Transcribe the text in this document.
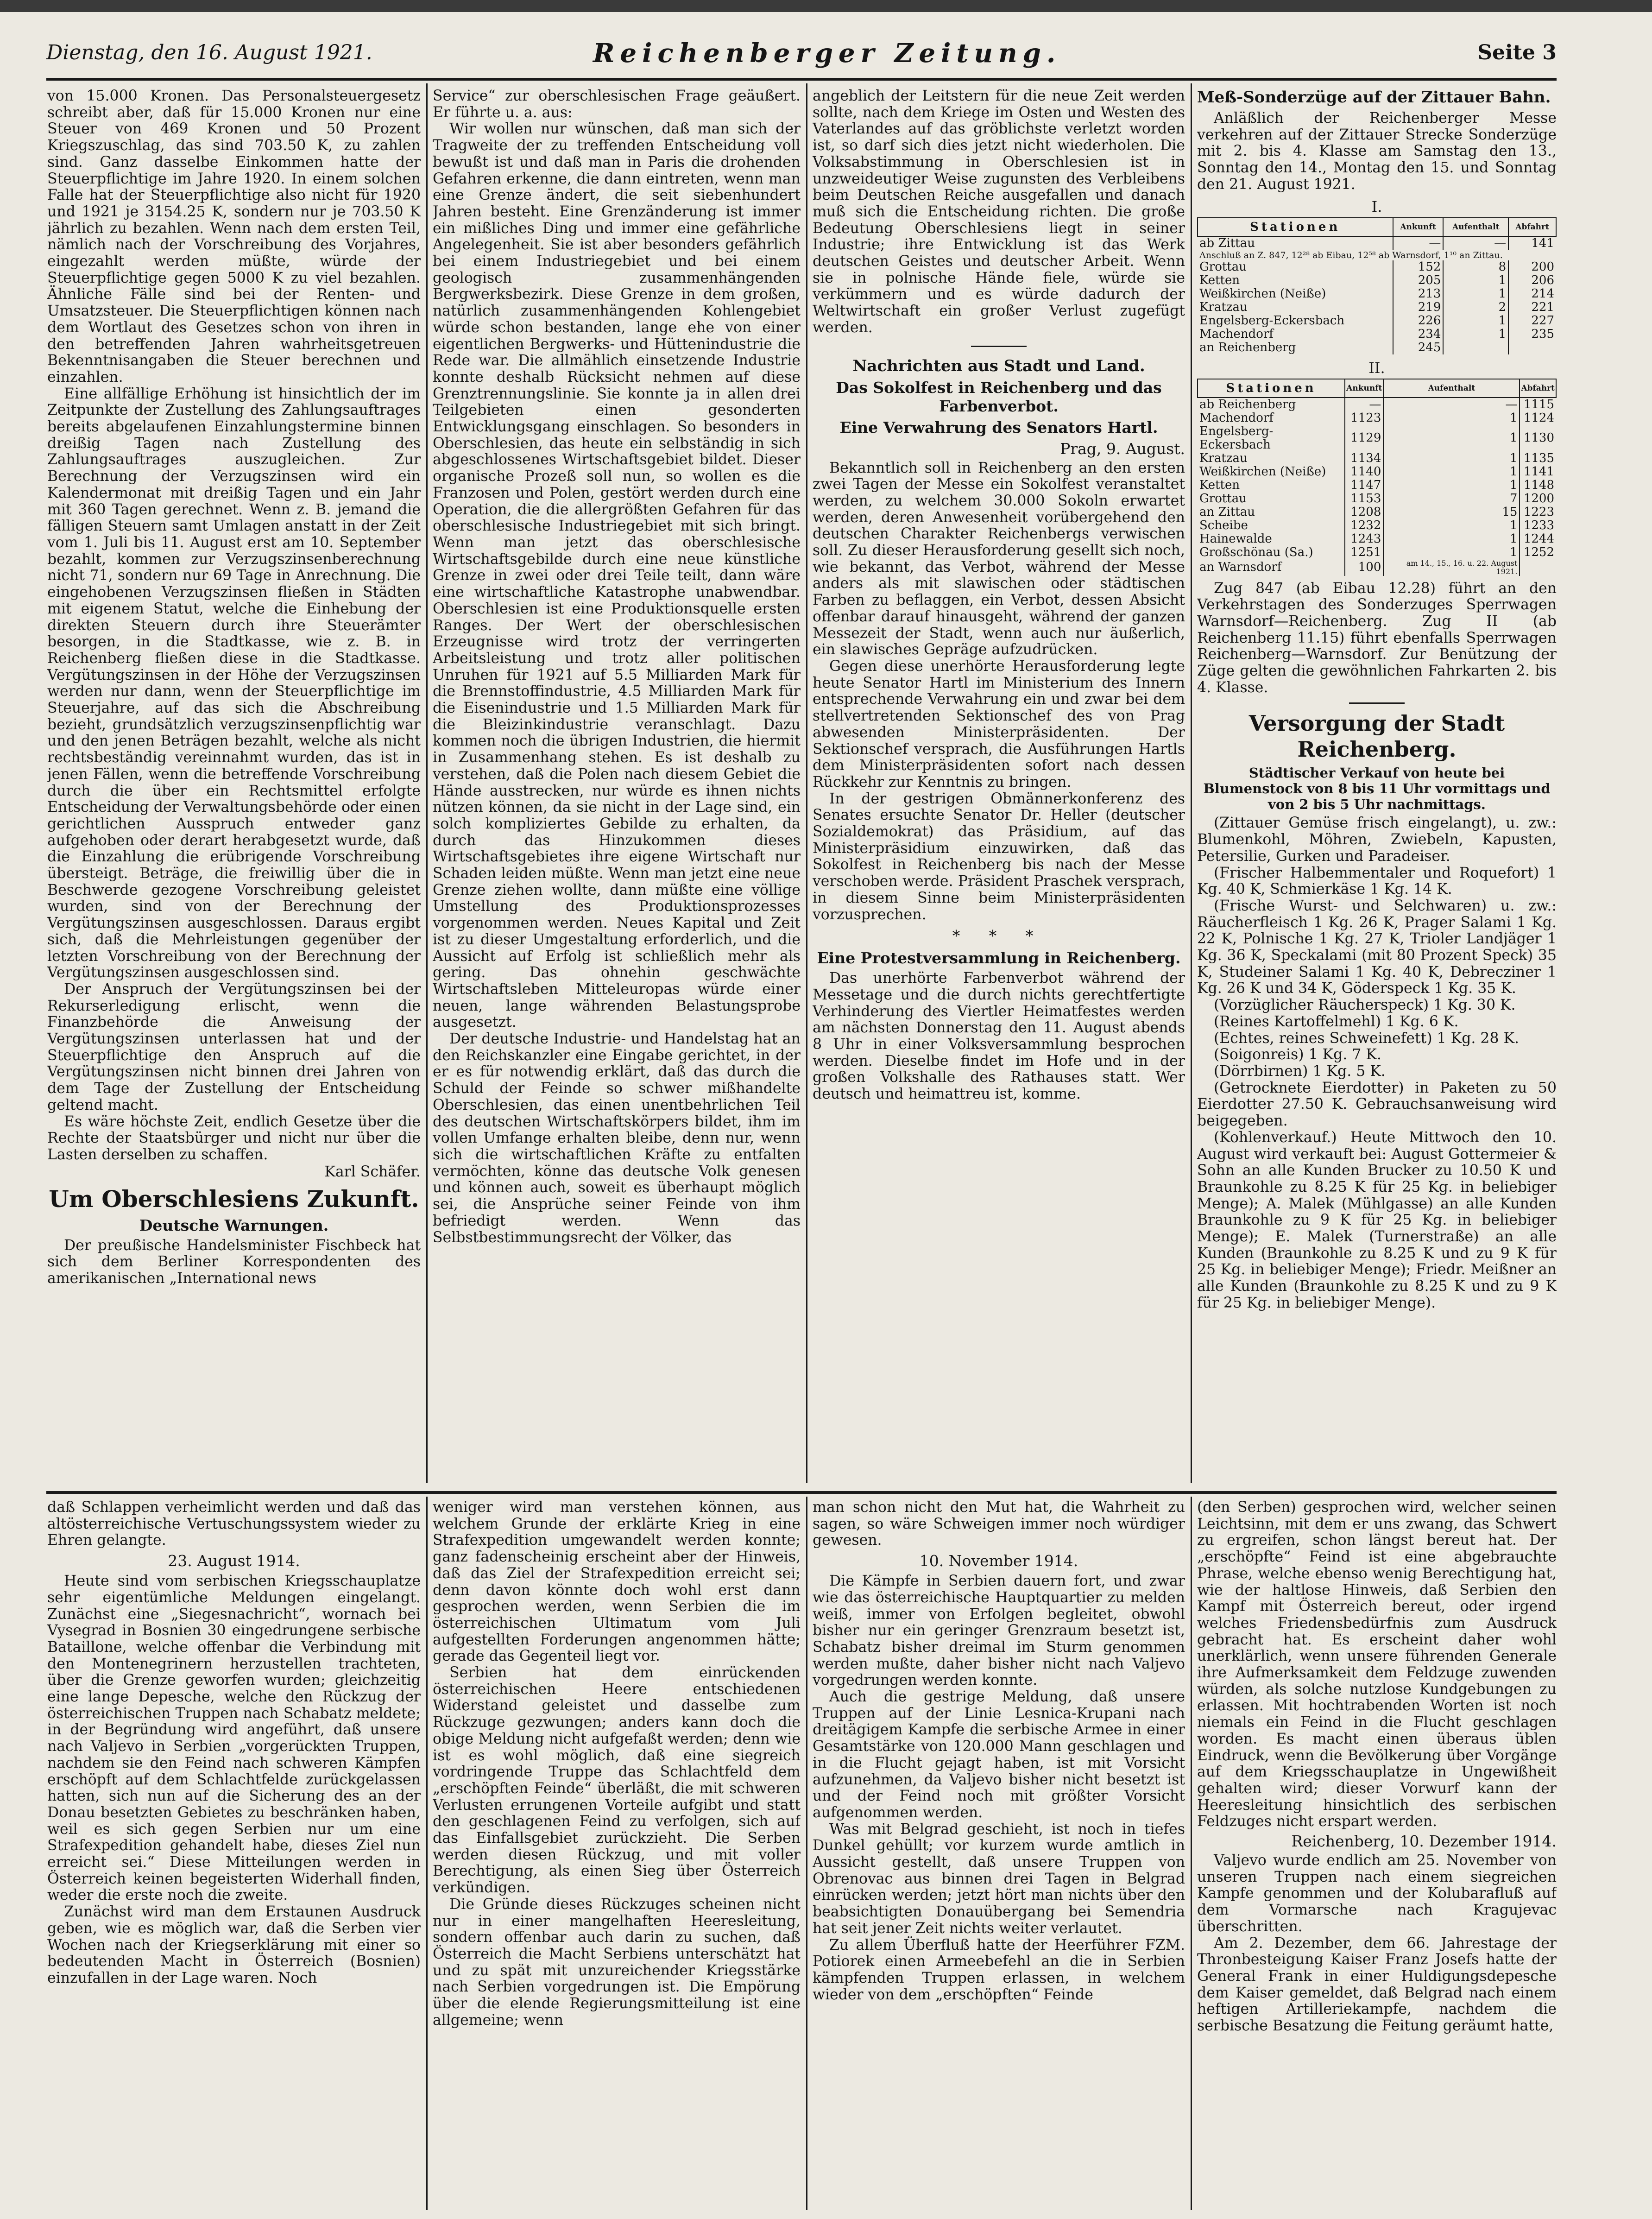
Dienstag, den 16. August 1921.	Reichenberger Zeitung.	Seite 3

von 15.000 Kronen. Das Personalsteuergesetz schreibt aber, daß für 15.000 Kronen nur eine Steuer von 469 Kronen und 50 Prozent Kriegszuschlag, das sind 703.50 K, zu zahlen sind. Ganz dasselbe Einkommen hatte der Steuerpflichtige im Jahre 1920. In einem solchen Falle hat der Steuerpflichtige also nicht für 1920 und 1921 je 3154.25 K, sondern nur je 703.50 K jährlich zu bezahlen. Wenn nach dem ersten Teil, nämlich nach der Vorschreibung des Vorjahres, eingezahlt werden müßte, würde der Steuerpflichtige gegen 5000 K zu viel bezahlen. Ähnliche Fälle sind bei der Renten- und Umsatzsteuer. Die Steuerpflichtigen können nach dem Wortlaut des Gesetzes schon von ihren in den betreffenden Jahren wahrheitsgetreuen Bekenntnisangaben die Steuer berechnen und einzahlen.

Eine allfällige Erhöhung ist hinsichtlich der im Zeitpunkte der Zustellung des Zahlungsauftrages bereits abgelaufenen Einzahlungstermine binnen dreißig Tagen nach Zustellung des Zahlungsauftrages auszugleichen. Zur Berechnung der Verzugszinsen wird ein Kalendermonat mit dreißig Tagen und ein Jahr mit 360 Tagen gerechnet. Wenn z. B. jemand die fälligen Steuern samt Umlagen anstatt in der Zeit vom 1. Juli bis 11. August erst am 10. September bezahlt, kommen zur Verzugszinsenberechnung nicht 71, sondern nur 69 Tage in Anrechnung. Die eingehobenen Verzugszinsen fließen in Städten mit eigenem Statut, welche die Einhebung der direkten Steuern durch ihre Steuerämter besorgen, in die Stadtkasse, wie z. B. in Reichenberg fließen diese in die Stadtkasse. Vergütungszinsen in der Höhe der Verzugszinsen werden nur dann, wenn der Steuerpflichtige im Steuerjahre, auf das sich die Abschreibung bezieht, grundsätzlich verzugszinsenpflichtig war und den jenen Beträgen bezahlt, welche als nicht rechtsbeständig vereinnahmt wurden, das ist in jenen Fällen, wenn die betreffende Vorschreibung durch die über ein Rechtsmittel erfolgte Entscheidung der Verwaltungsbehörde oder einen gerichtlichen Ausspruch entweder ganz aufgehoben oder derart herabgesetzt wurde, daß die Einzahlung die erübrigende Vorschreibung übersteigt. Beträge, die freiwillig über die in Beschwerde gezogene Vorschreibung geleistet wurden, sind von der Berechnung der Vergütungszinsen ausgeschlossen. Daraus ergibt sich, daß die Mehrleistungen gegenüber der letzten Vorschreibung von der Berechnung der Vergütungszinsen ausgeschlossen sind.

Der Anspruch der Vergütungszinsen bei der Rekurserledigung erlischt, wenn die Finanzbehörde die Anweisung der Vergütungszinsen unterlassen hat und der Steuerpflichtige den Anspruch auf die Vergütungszinsen nicht binnen drei Jahren von dem Tage der Zustellung der Entscheidung geltend macht.

Es wäre höchste Zeit, endlich Gesetze über die Rechte der Staatsbürger und nicht nur über die Lasten derselben zu schaffen.

Karl Schäfer.

Um Oberschlesiens Zukunft.
Deutsche Warnungen.

Der preußische Handelsminister Fischbeck hat sich dem Berliner Korrespondenten des amerikanischen „International news

Service“ zur oberschlesischen Frage geäußert. Er führte u. a. aus:

Wir wollen nur wünschen, daß man sich der Tragweite der zu treffenden Entscheidung voll bewußt ist und daß man in Paris die drohenden Gefahren erkenne, die dann eintreten, wenn man eine Grenze ändert, die seit siebenhundert Jahren besteht. Eine Grenzänderung ist immer ein mißliches Ding und immer eine gefährliche Angelegenheit. Sie ist aber besonders gefährlich bei einem Industriegebiet und bei einem geologisch zusammenhängenden Bergwerksbezirk. Diese Grenze in dem großen, natürlich zusammenhängenden Kohlengebiet würde schon bestanden, lange ehe von einer eigentlichen Bergwerks- und Hüttenindustrie die Rede war. Die allmählich einsetzende Industrie konnte deshalb Rücksicht nehmen auf diese Grenztrennungslinie. Sie konnte ja in allen drei Teilgebieten einen gesonderten Entwicklungsgang einschlagen. So besonders in Oberschlesien, das heute ein selbständig in sich abgeschlossenes Wirtschaftsgebiet bildet. Dieser organische Prozeß soll nun, so wollen es die Franzosen und Polen, gestört werden durch eine Operation, die die allergrößten Gefahren für das oberschlesische Industriegebiet mit sich bringt. Wenn man jetzt das oberschlesische Wirtschaftsgebilde durch eine neue künstliche Grenze in zwei oder drei Teile teilt, dann wäre eine wirtschaftliche Katastrophe unabwendbar. Oberschlesien ist eine Produktionsquelle ersten Ranges. Der Wert der oberschlesischen Erzeugnisse wird trotz der verringerten Arbeitsleistung und trotz aller politischen Unruhen für 1921 auf 5.5 Milliarden Mark für die Brennstoffindustrie, 4.5 Milliarden Mark für die Eisenindustrie und 1.5 Milliarden Mark für die Bleizinkindustrie veranschlagt. Dazu kommen noch die übrigen Industrien, die hiermit in Zusammenhang stehen. Es ist deshalb zu verstehen, daß die Polen nach diesem Gebiet die Hände ausstrecken, nur würde es ihnen nichts nützen können, da sie nicht in der Lage sind, ein solch kompliziertes Gebilde zu erhalten, da durch das Hinzukommen dieses Wirtschaftsgebietes ihre eigene Wirtschaft nur Schaden leiden müßte. Wenn man jetzt eine neue Grenze ziehen wollte, dann müßte eine völlige Umstellung des Produktionsprozesses vorgenommen werden. Neues Kapital und Zeit ist zu dieser Umgestaltung erforderlich, und die Aussicht auf Erfolg ist schließlich mehr als gering. Das ohnehin geschwächte Wirtschaftsleben Mitteleuropas würde einer neuen, lange währenden Belastungsprobe ausgesetzt.

Der deutsche Industrie- und Handelstag hat an den Reichskanzler eine Eingabe gerichtet, in der er es für notwendig erklärt, daß das durch die Schuld der Feinde so schwer mißhandelte Oberschlesien, das einen unentbehrlichen Teil des deutschen Wirtschaftskörpers bildet, ihm im vollen Umfange erhalten bleibe, denn nur, wenn sich die wirtschaftlichen Kräfte zu entfalten vermöchten, könne das deutsche Volk genesen und können auch, soweit es überhaupt möglich sei, die Ansprüche seiner Feinde von ihm befriedigt werden. Wenn das Selbstbestimmungsrecht der Völker, das

angeblich der Leitstern für die neue Zeit werden sollte, nach dem Kriege im Osten und Westen des Vaterlandes auf das gröblichste verletzt worden ist, so darf sich dies jetzt nicht wiederholen. Die Volksabstimmung in Oberschlesien ist in unzweideutiger Weise zugunsten des Verbleibens beim Deutschen Reiche ausgefallen und danach muß sich die Entscheidung richten. Die große Bedeutung Oberschlesiens liegt in seiner Industrie; ihre Entwicklung ist das Werk deutschen Geistes und deutscher Arbeit. Wenn sie in polnische Hände fiele, würde sie verkümmern und es würde dadurch der Weltwirtschaft ein großer Verlust zugefügt werden.

Nachrichten aus Stadt und Land.
Das Sokolfest in Reichenberg und das Farbenverbot.
Eine Verwahrung des Senators Hartl.
Prag, 9. August.

Bekanntlich soll in Reichenberg an den ersten zwei Tagen der Messe ein Sokolfest veranstaltet werden, zu welchem 30.000 Sokoln erwartet werden, deren Anwesenheit vorübergehend den deutschen Charakter Reichenbergs verwischen soll. Zu dieser Herausforderung gesellt sich noch, wie bekannt, das Verbot, während der Messe anders als mit slawischen oder städtischen Farben zu beflaggen, ein Verbot, dessen Absicht offenbar darauf hinausgeht, während der ganzen Messezeit der Stadt, wenn auch nur äußerlich, ein slawisches Gepräge aufzudrücken.

Gegen diese unerhörte Herausforderung legte heute Senator Hartl im Ministerium des Innern entsprechende Verwahrung ein und zwar bei dem stellvertretenden Sektionschef des von Prag abwesenden Ministerpräsidenten. Der Sektionschef versprach, die Ausführungen Hartls dem Ministerpräsidenten sofort nach dessen Rückkehr zur Kenntnis zu bringen.

In der gestrigen Obmännerkonferenz des Senates ersuchte Senator Dr. Heller (deutscher Sozialdemokrat) das Präsidium, auf das Ministerpräsidium einzuwirken, daß das Sokolfest in Reichenberg bis nach der Messe verschoben werde. Präsident Praschek versprach, in diesem Sinne beim Ministerpräsidenten vorzusprechen.

* * *
Eine Protestversammlung in Reichenberg.

Das unerhörte Farbenverbot während der Messetage und die durch nichts gerechtfertigte Verhinderung des Viertler Heimatfestes werden am nächsten Donnerstag den 11. August abends 8 Uhr in einer Volksversammlung besprochen werden. Dieselbe findet im Hofe und in der großen Volkshalle des Rathauses statt. Wer deutsch und heimattreu ist, komme.

Meß-Sonderzüge auf der Zittauer Bahn.

Anläßlich der Reichenberger Messe verkehren auf der Zittauer Strecke Sonderzüge mit 2. bis 4. Klasse am Samstag den 13., Sonntag den 14., Montag den 15. und Sonntag den 21. August 1921.

I.
Stationen	Ankunft	Aufenthalt	Abfahrt
ab Zittau	—	—	141
Anschluß an Z. 847, 12²⁸ ab Eibau, 12⁵⁸ ab Warnsdorf, 1¹⁰ an Zittau.			
Grottau	152	8	200
Ketten	205	1	206
Weißkirchen (Neiße)	213	1	214
Kratzau	219	2	221
Engelsberg-Eckersbach	226	1	227
Machendorf	234	1	235
an Reichenberg	245		
II.
Stationen	Ankunft	Aufenthalt	Abfahrt
ab Reichenberg	—	—	1115
Machendorf	1123	1	1124
Engelsberg-Eckersbach	1129	1	1130
Kratzau	1134	1	1135
Weißkirchen (Neiße)	1140	1	1141
Ketten	1147	1	1148
Grottau	1153	7	1200
an Zittau	1208	15	1223
Scheibe	1232	1	1233
Hainewalde	1243	1	1244
Großschönau (Sa.)	1251	1	1252
an Warnsdorf	100	am 14., 15., 16. u. 22. August 1921.	

Zug 847 (ab Eibau 12.28) führt an den Verkehrstagen des Sonderzuges Sperrwagen Warnsdorf—Reichenberg. Zug II (ab Reichenberg 11.15) führt ebenfalls Sperrwagen Reichenberg—Warnsdorf. Zur Benützung der Züge gelten die gewöhnlichen Fahrkarten 2. bis 4. Klasse.

Versorgung der Stadt Reichenberg.
Städtischer Verkauf von heute bei Blumenstock von 8 bis 11 Uhr vormittags und von 2 bis 5 Uhr nachmittags.

(Zittauer Gemüse frisch eingelangt), u. zw.: Blumenkohl, Möhren, Zwiebeln, Kapusten, Petersilie, Gurken und Paradeiser.

(Frischer Halbemmentaler und Roquefort) 1 Kg. 40 K, Schmierkäse 1 Kg. 14 K.

(Frische Wurst- und Selchwaren) u. zw.: Räucherfleisch 1 Kg. 26 K, Prager Salami 1 Kg. 22 K, Polnische 1 Kg. 27 K, Trioler Landjäger 1 Kg. 36 K, Speckalami (mit 80 Prozent Speck) 35 K, Studeiner Salami 1 Kg. 40 K, Debrecziner 1 Kg. 26 K und 34 K, Göderspeck 1 Kg. 35 K.

(Vorzüglicher Räucherspeck) 1 Kg. 30 K.

(Reines Kartoffelmehl) 1 Kg. 6 K.

(Echtes, reines Schweinefett) 1 Kg. 28 K.

(Soigonreis) 1 Kg. 7 K.

(Dörrbirnen) 1 Kg. 5 K.

(Getrocknete Eierdotter) in Paketen zu 50 Eierdotter 27.50 K. Gebrauchsanweisung wird beigegeben.

(Kohlenverkauf.) Heute Mittwoch den 10. August wird verkauft bei: August Gottermeier & Sohn an alle Kunden Brucker zu 10.50 K und Braunkohle zu 8.25 K für 25 Kg. in beliebiger Menge); A. Malek (Mühlgasse) an alle Kunden Braunkohle zu 9 K für 25 Kg. in beliebiger Menge); E. Malek (Turnerstraße) an alle Kunden (Braunkohle zu 8.25 K und zu 9 K für 25 Kg. in beliebiger Menge); Friedr. Meißner an alle Kunden (Braunkohle zu 8.25 K und zu 9 K für 25 Kg. in beliebiger Menge).

daß Schlappen verheimlicht werden und daß das altösterreichische Vertuschungssystem wieder zu Ehren gelangte.

23. August 1914.

Heute sind vom serbischen Kriegsschauplatze sehr eigentümliche Meldungen eingelangt. Zunächst eine „Siegesnachricht“, wornach bei Vysegrad in Bosnien 30 eingedrungene serbische Bataillone, welche offenbar die Verbindung mit den Montenegrinern herzustellen trachteten, über die Grenze geworfen wurden; gleichzeitig eine lange Depesche, welche den Rückzug der österreichischen Truppen nach Schabatz meldete; in der Begründung wird angeführt, daß unsere nach Valjevo in Serbien „vorgerückten Truppen, nachdem sie den Feind nach schweren Kämpfen erschöpft auf dem Schlachtfelde zurückgelassen hatten, sich nun auf die Sicherung des an der Donau besetzten Gebietes zu beschränken haben, weil es sich gegen Serbien nur um eine Strafexpedition gehandelt habe, dieses Ziel nun erreicht sei.“ Diese Mitteilungen werden in Österreich keinen begeisterten Widerhall finden, weder die erste noch die zweite.

Zunächst wird man dem Erstaunen Ausdruck geben, wie es möglich war, daß die Serben vier Wochen nach der Kriegserklärung mit einer so bedeutenden Macht in Österreich (Bosnien) einzufallen in der Lage waren. Noch

weniger wird man verstehen können, aus welchem Grunde der erklärte Krieg in eine Strafexpedition umgewandelt werden konnte; ganz fadenscheinig erscheint aber der Hinweis, daß das Ziel der Strafexpedition erreicht sei; denn davon könnte doch wohl erst dann gesprochen werden, wenn Serbien die im österreichischen Ultimatum vom Juli aufgestellten Forderungen angenommen hätte; gerade das Gegenteil liegt vor.

Serbien hat dem einrückenden österreichischen Heere entschiedenen Widerstand geleistet und dasselbe zum Rückzuge gezwungen; anders kann doch die obige Meldung nicht aufgefaßt werden; denn wie ist es wohl möglich, daß eine siegreich vordringende Truppe das Schlachtfeld dem „erschöpften Feinde“ überläßt, die mit schweren Verlusten errungenen Vorteile aufgibt und statt den geschlagenen Feind zu verfolgen, sich auf das Einfallsgebiet zurückzieht. Die Serben werden diesen Rückzug, und mit voller Berechtigung, als einen Sieg über Österreich verkündigen.

Die Gründe dieses Rückzuges scheinen nicht nur in einer mangelhaften Heeresleitung, sondern offenbar auch darin zu suchen, daß Österreich die Macht Serbiens unterschätzt hat und zu spät mit unzureichender Kriegsstärke nach Serbien vorgedrungen ist. Die Empörung über die elende Regierungsmitteilung ist eine allgemeine; wenn

man schon nicht den Mut hat, die Wahrheit zu sagen, so wäre Schweigen immer noch würdiger gewesen.

10. November 1914.

Die Kämpfe in Serbien dauern fort, und zwar wie das österreichische Hauptquartier zu melden weiß, immer von Erfolgen begleitet, obwohl bisher nur ein geringer Grenzraum besetzt ist, Schabatz bisher dreimal im Sturm genommen werden mußte, daher bisher nicht nach Valjevo vorgedrungen werden konnte.

Auch die gestrige Meldung, daß unsere Truppen auf der Linie Lesnica-Krupani nach dreitägigem Kampfe die serbische Armee in einer Gesamtstärke von 120.000 Mann geschlagen und in die Flucht gejagt haben, ist mit Vorsicht aufzunehmen, da Valjevo bisher nicht besetzt ist und der Feind noch mit größter Vorsicht aufgenommen werden.

Was mit Belgrad geschieht, ist noch in tiefes Dunkel gehüllt; vor kurzem wurde amtlich in Aussicht gestellt, daß unsere Truppen von Obrenovac aus binnen drei Tagen in Belgrad einrücken werden; jetzt hört man nichts über den beabsichtigten Donauübergang bei Semendria hat seit jener Zeit nichts weiter verlautet.

Zu allem Überfluß hatte der Heerführer FZM. Potiorek einen Armeebefehl an die in Serbien kämpfenden Truppen erlassen, in welchem wieder von dem „erschöpften“ Feinde

(den Serben) gesprochen wird, welcher seinen Leichtsinn, mit dem er uns zwang, das Schwert zu ergreifen, schon längst bereut hat. Der „erschöpfte“ Feind ist eine abgebrauchte Phrase, welche ebenso wenig Berechtigung hat, wie der haltlose Hinweis, daß Serbien den Kampf mit Österreich bereut, oder irgend welches Friedensbedürfnis zum Ausdruck gebracht hat. Es erscheint daher wohl unerklärlich, wenn unsere führenden Generale ihre Aufmerksamkeit dem Feldzuge zuwenden würden, als solche nutzlose Kundgebungen zu erlassen. Mit hochtrabenden Worten ist noch niemals ein Feind in die Flucht geschlagen worden. Es macht einen überaus üblen Eindruck, wenn die Bevölkerung über Vorgänge auf dem Kriegsschauplatze in Ungewißheit gehalten wird; dieser Vorwurf kann der Heeresleitung hinsichtlich des serbischen Feldzuges nicht erspart werden.

Reichenberg, 10. Dezember 1914.

Valjevo wurde endlich am 25. November von unseren Truppen nach einem siegreichen Kampfe genommen und der Kolubarafluß auf dem Vormarsche nach Kragujevac überschritten.

Am 2. Dezember, dem 66. Jahrestage der Thronbesteigung Kaiser Franz Josefs hatte der General Frank in einer Huldigungsdepesche dem Kaiser gemeldet, daß Belgrad nach einem heftigen Artilleriekampfe, nachdem die serbische Besatzung die Feitung geräumt hatte,
